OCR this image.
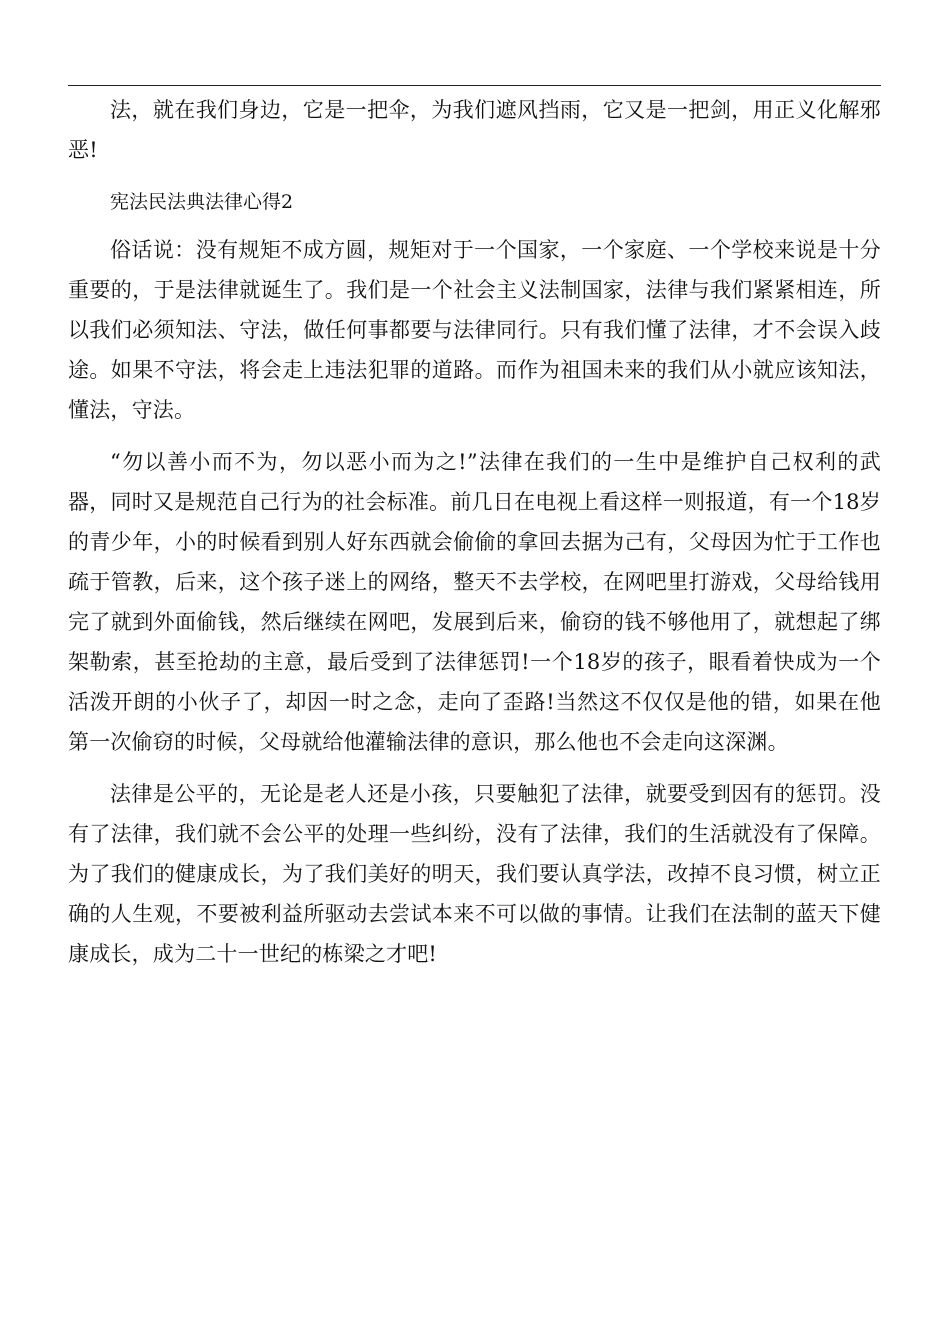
法，就在我们身边，它是一把伞，为我们遮风挡雨，它又是一把剑，用正义化解邪恶!

宪法民法典法律心得2

俗话说：没有规矩不成方圆，规矩对于一个国家，一个家庭、一个学校来说是十分重要的，于是法律就诞生了。我们是一个社会主义法制国家，法律与我们紧紧相连，所以我们必须知法、守法，做任何事都要与法律同行。只有我们懂了法律，才不会误入歧途。如果不守法，将会走上违法犯罪的道路。而作为祖国未来的我们从小就应该知法，懂法，守法。

“勿以善小而不为，勿以恶小而为之!”法律在我们的一生中是维护自己权利的武器，同时又是规范自己行为的社会标准。前几日在电视上看这样一则报道，有一个18岁的青少年，小的时候看到别人好东西就会偷偷的拿回去据为己有，父母因为忙于工作也疏于管教，后来，这个孩子迷上的网络，整天不去学校，在网吧里打游戏，父母给钱用完了就到外面偷钱，然后继续在网吧，发展到后来，偷窃的钱不够他用了，就想起了绑架勒索，甚至抢劫的主意，最后受到了法律惩罚!一个18岁的孩子，眼看着快成为一个活泼开朗的小伙子了，却因一时之念，走向了歪路!当然这不仅仅是他的错，如果在他第一次偷窃的时候，父母就给他灌输法律的意识，那么他也不会走向这深渊。

法律是公平的，无论是老人还是小孩，只要触犯了法律，就要受到因有的惩罚。没有了法律，我们就不会公平的处理一些纠纷，没有了法律，我们的生活就没有了保障。为了我们的健康成长，为了我们美好的明天，我们要认真学法，改掉不良习惯，树立正确的人生观，不要被利益所驱动去尝试本来不可以做的事情。让我们在法制的蓝天下健康成长，成为二十一世纪的栋梁之才吧!
